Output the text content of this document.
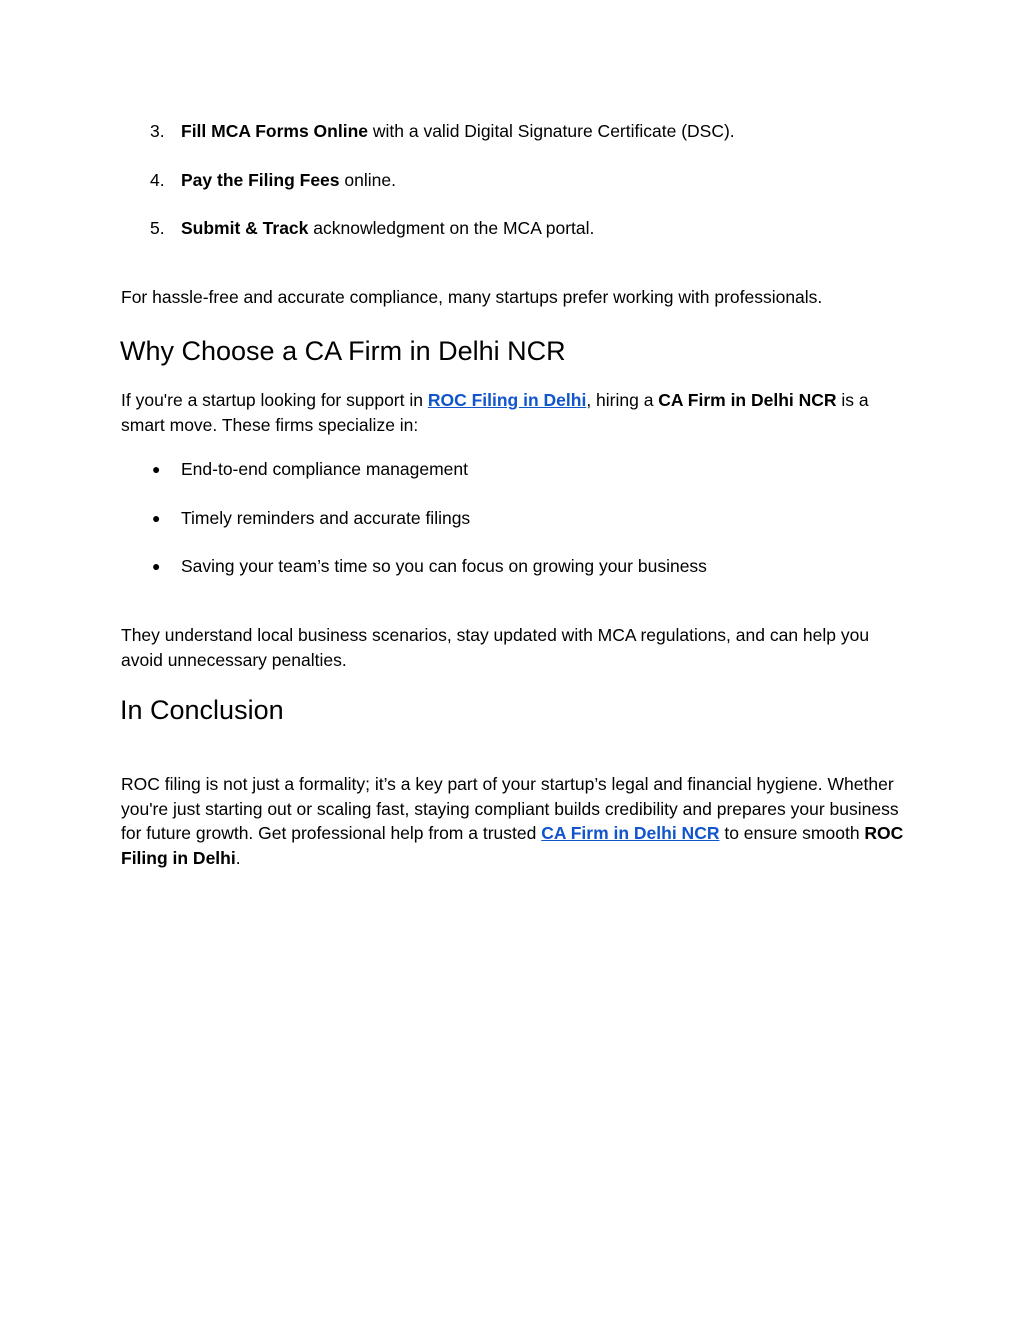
3. Fill MCA Forms Online with a valid Digital Signature Certificate (DSC).
4. Pay the Filing Fees online.
5. Submit & Track acknowledgment on the MCA portal.
For hassle-free and accurate compliance, many startups prefer working with professionals.
Why Choose a CA Firm in Delhi NCR
If you're a startup looking for support in ROC Filing in Delhi, hiring a CA Firm in Delhi NCR is a smart move. These firms specialize in:
● End-to-end compliance management
● Timely reminders and accurate filings
● Saving your team’s time so you can focus on growing your business
They understand local business scenarios, stay updated with MCA regulations, and can help you avoid unnecessary penalties.
In Conclusion
ROC filing is not just a formality; it’s a key part of your startup’s legal and financial hygiene. Whether you're just starting out or scaling fast, staying compliant builds credibility and prepares your business for future growth. Get professional help from a trusted CA Firm in Delhi NCR to ensure smooth ROC Filing in Delhi.
